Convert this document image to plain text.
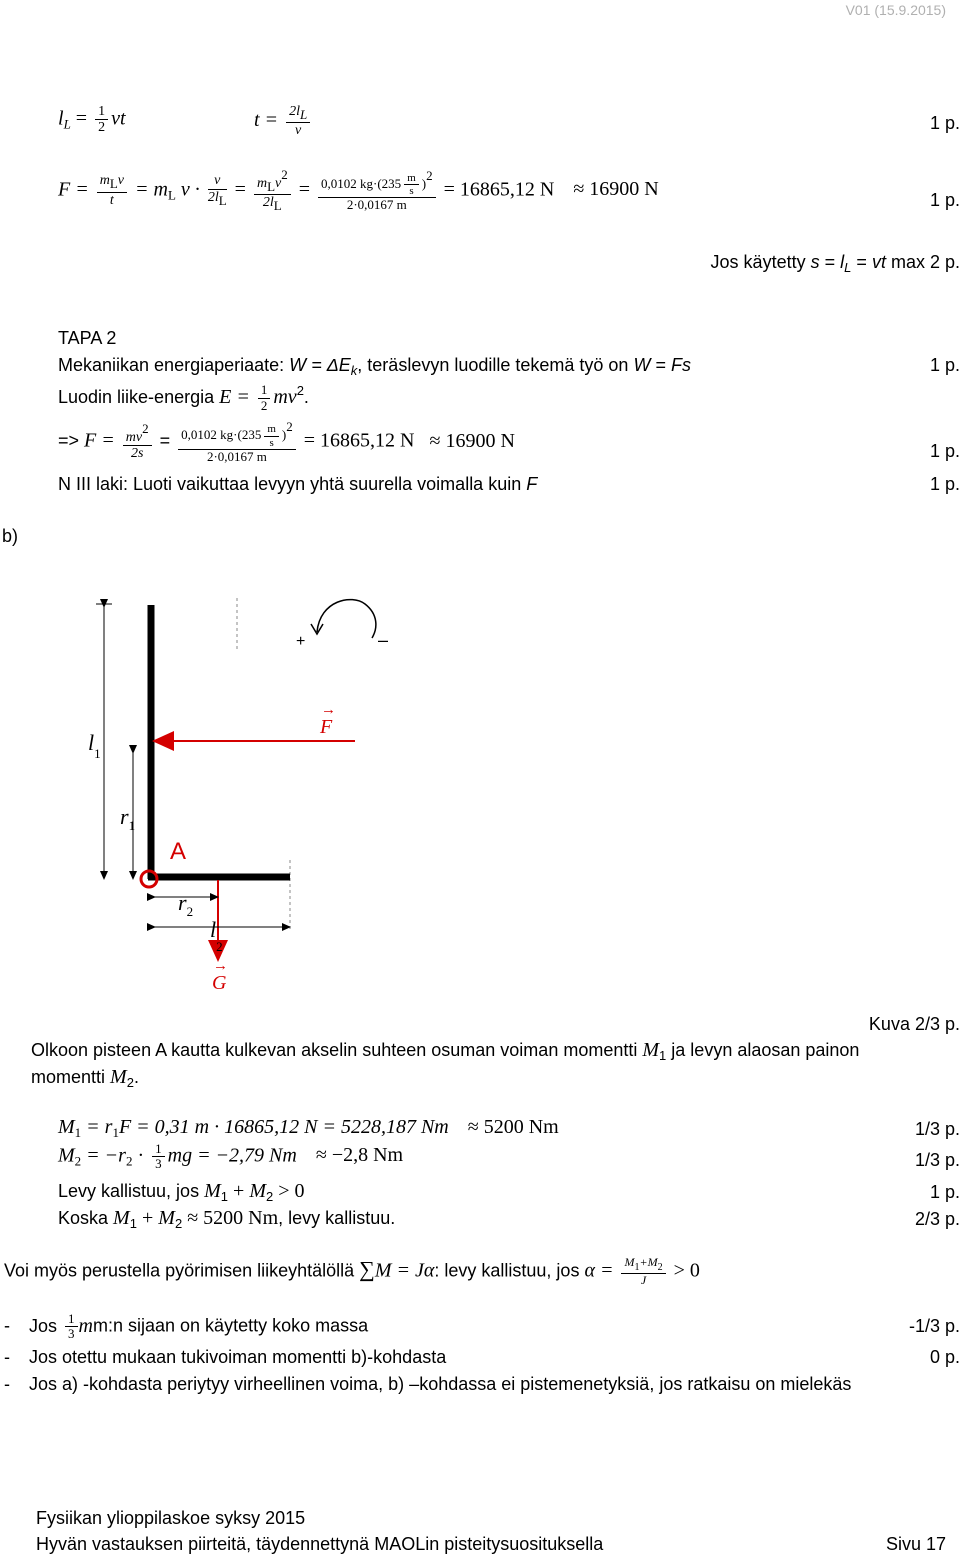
V01 (15.9.2015)
$l_L = \frac{1}{2}$ vt	$t = \frac{2lL}{v}$	1 p.
$F = \frac{\text{mLv}}{t} = m_L$ $v \cdot \frac{v}{2lL} = \frac{\text{mLv2}}{2lL} = \frac{0,0102 kg\cdot(235 \frac{m}{s} )2}{2\cdot 0,0167 m} = 16865,12$ N ≈ 16900 N	1 p.
Jos käytetty $s = l_L$ = vt max 2 p.
TAPA 2
Mekaniikan energiaperiaate: $W = \Delta E_k$, teräslevyn luodille tekemä työ on W = Fs	1 p.
Luodin liike-energia $E = \frac{1}{2} mv^2$.
=> $F = \frac{mv2}{2s} = \frac{0,0102 kg\cdot(235 \frac{m}{s} )2}{2\cdot 0,0167 m} = 16865,12$ N ≈ 16900 N	1 p.
N III laki: Luoti vaikuttaa levyyn yhtä suurella voimalla kuin F	1 p.
b)
+	–
→
F
$l_1$
$r_1$
A
$r_2$
$l_2$
→
G
Kuva 2/3 p.
Olkoon pisteen A kautta kulkevan akselin suhteen osuman voiman momentti $M_1$ ja levyn alaosan painon
momentti $M_2$.
$M_1 = r_1F = 0,31$ m · 16865,12 N = 5228,187 Nm ≈ 5200 Nm	1/3 p.
$M_2 = -r_2 \cdot \frac{1}{3}$ mg = −2,79 Nm ≈ −2,8 Nm	1/3 p.
Levy kallistuu, jos $M_1 + M_2 > 0$	1 p.
Koska $M_1 + M_2 \approx 5200$ Nm, levy kallistuu.	2/3 p.
Voi myös perustella pyörimisen liikeyhtälöllä ∑M = Jα: levy kallistuu, jos $\alpha = \frac{M_1+M_2}{J} > 0$
- Jos $\frac{1}{3}$ mm:n sijaan on käytetty koko massa	-1/3 p.
- Jos otettu mukaan tukivoiman momentti b)-kohdasta	0 p.
- Jos a) -kohdasta periytyy virheellinen voima, b) –kohdassa ei pistemenetyksiä, jos ratkaisu on mielekäs
Fysiikan ylioppilaskoe syksy 2015
Hyvän vastauksen piirteitä, täydennettynä MAOLin pisteitysuosituksella	Sivu 17
